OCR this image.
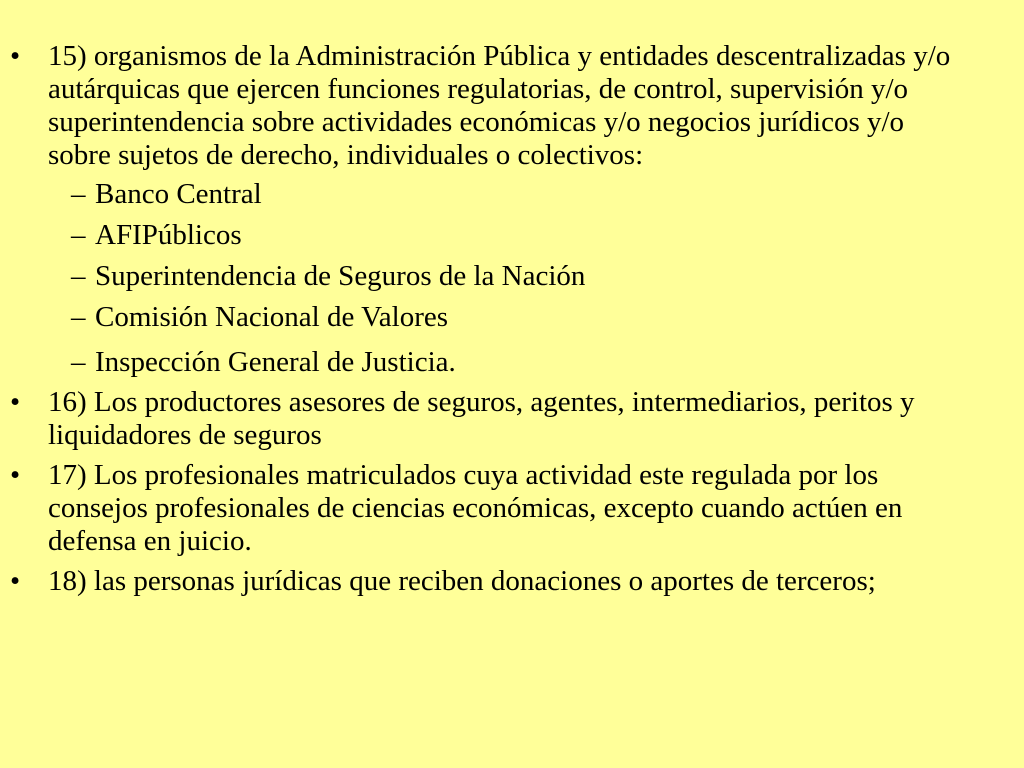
• 15) organismos de la Administración Pública y entidades descentralizadas y/o autárquicas que ejercen funciones regulatorias, de control, supervisión y/o superintendencia sobre actividades económicas y/o negocios jurídicos y/o sobre sujetos de derecho, individuales o colectivos:
– Banco Central
– AFIPúblicos
– Superintendencia de Seguros de la Nación
– Comisión Nacional de Valores
– Inspección General de Justicia.
• 16) Los productores asesores de seguros, agentes, intermediarios, peritos y liquidadores de seguros
• 17) Los profesionales matriculados cuya actividad este regulada por los consejos profesionales de ciencias económicas, excepto cuando actúen en defensa en juicio.
• 18) las personas jurídicas que reciben donaciones o aportes de terceros;
